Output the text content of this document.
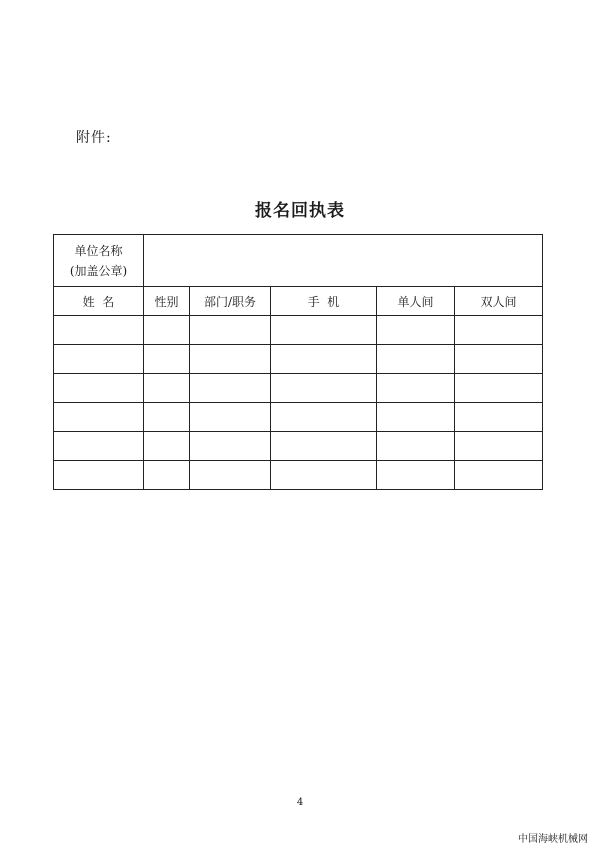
附件:
报名回执表
单位名称
(加盖公章)					

姓  名	性别	部门/职务	手  机	单人间	双人间

4
中国海峡机械网
